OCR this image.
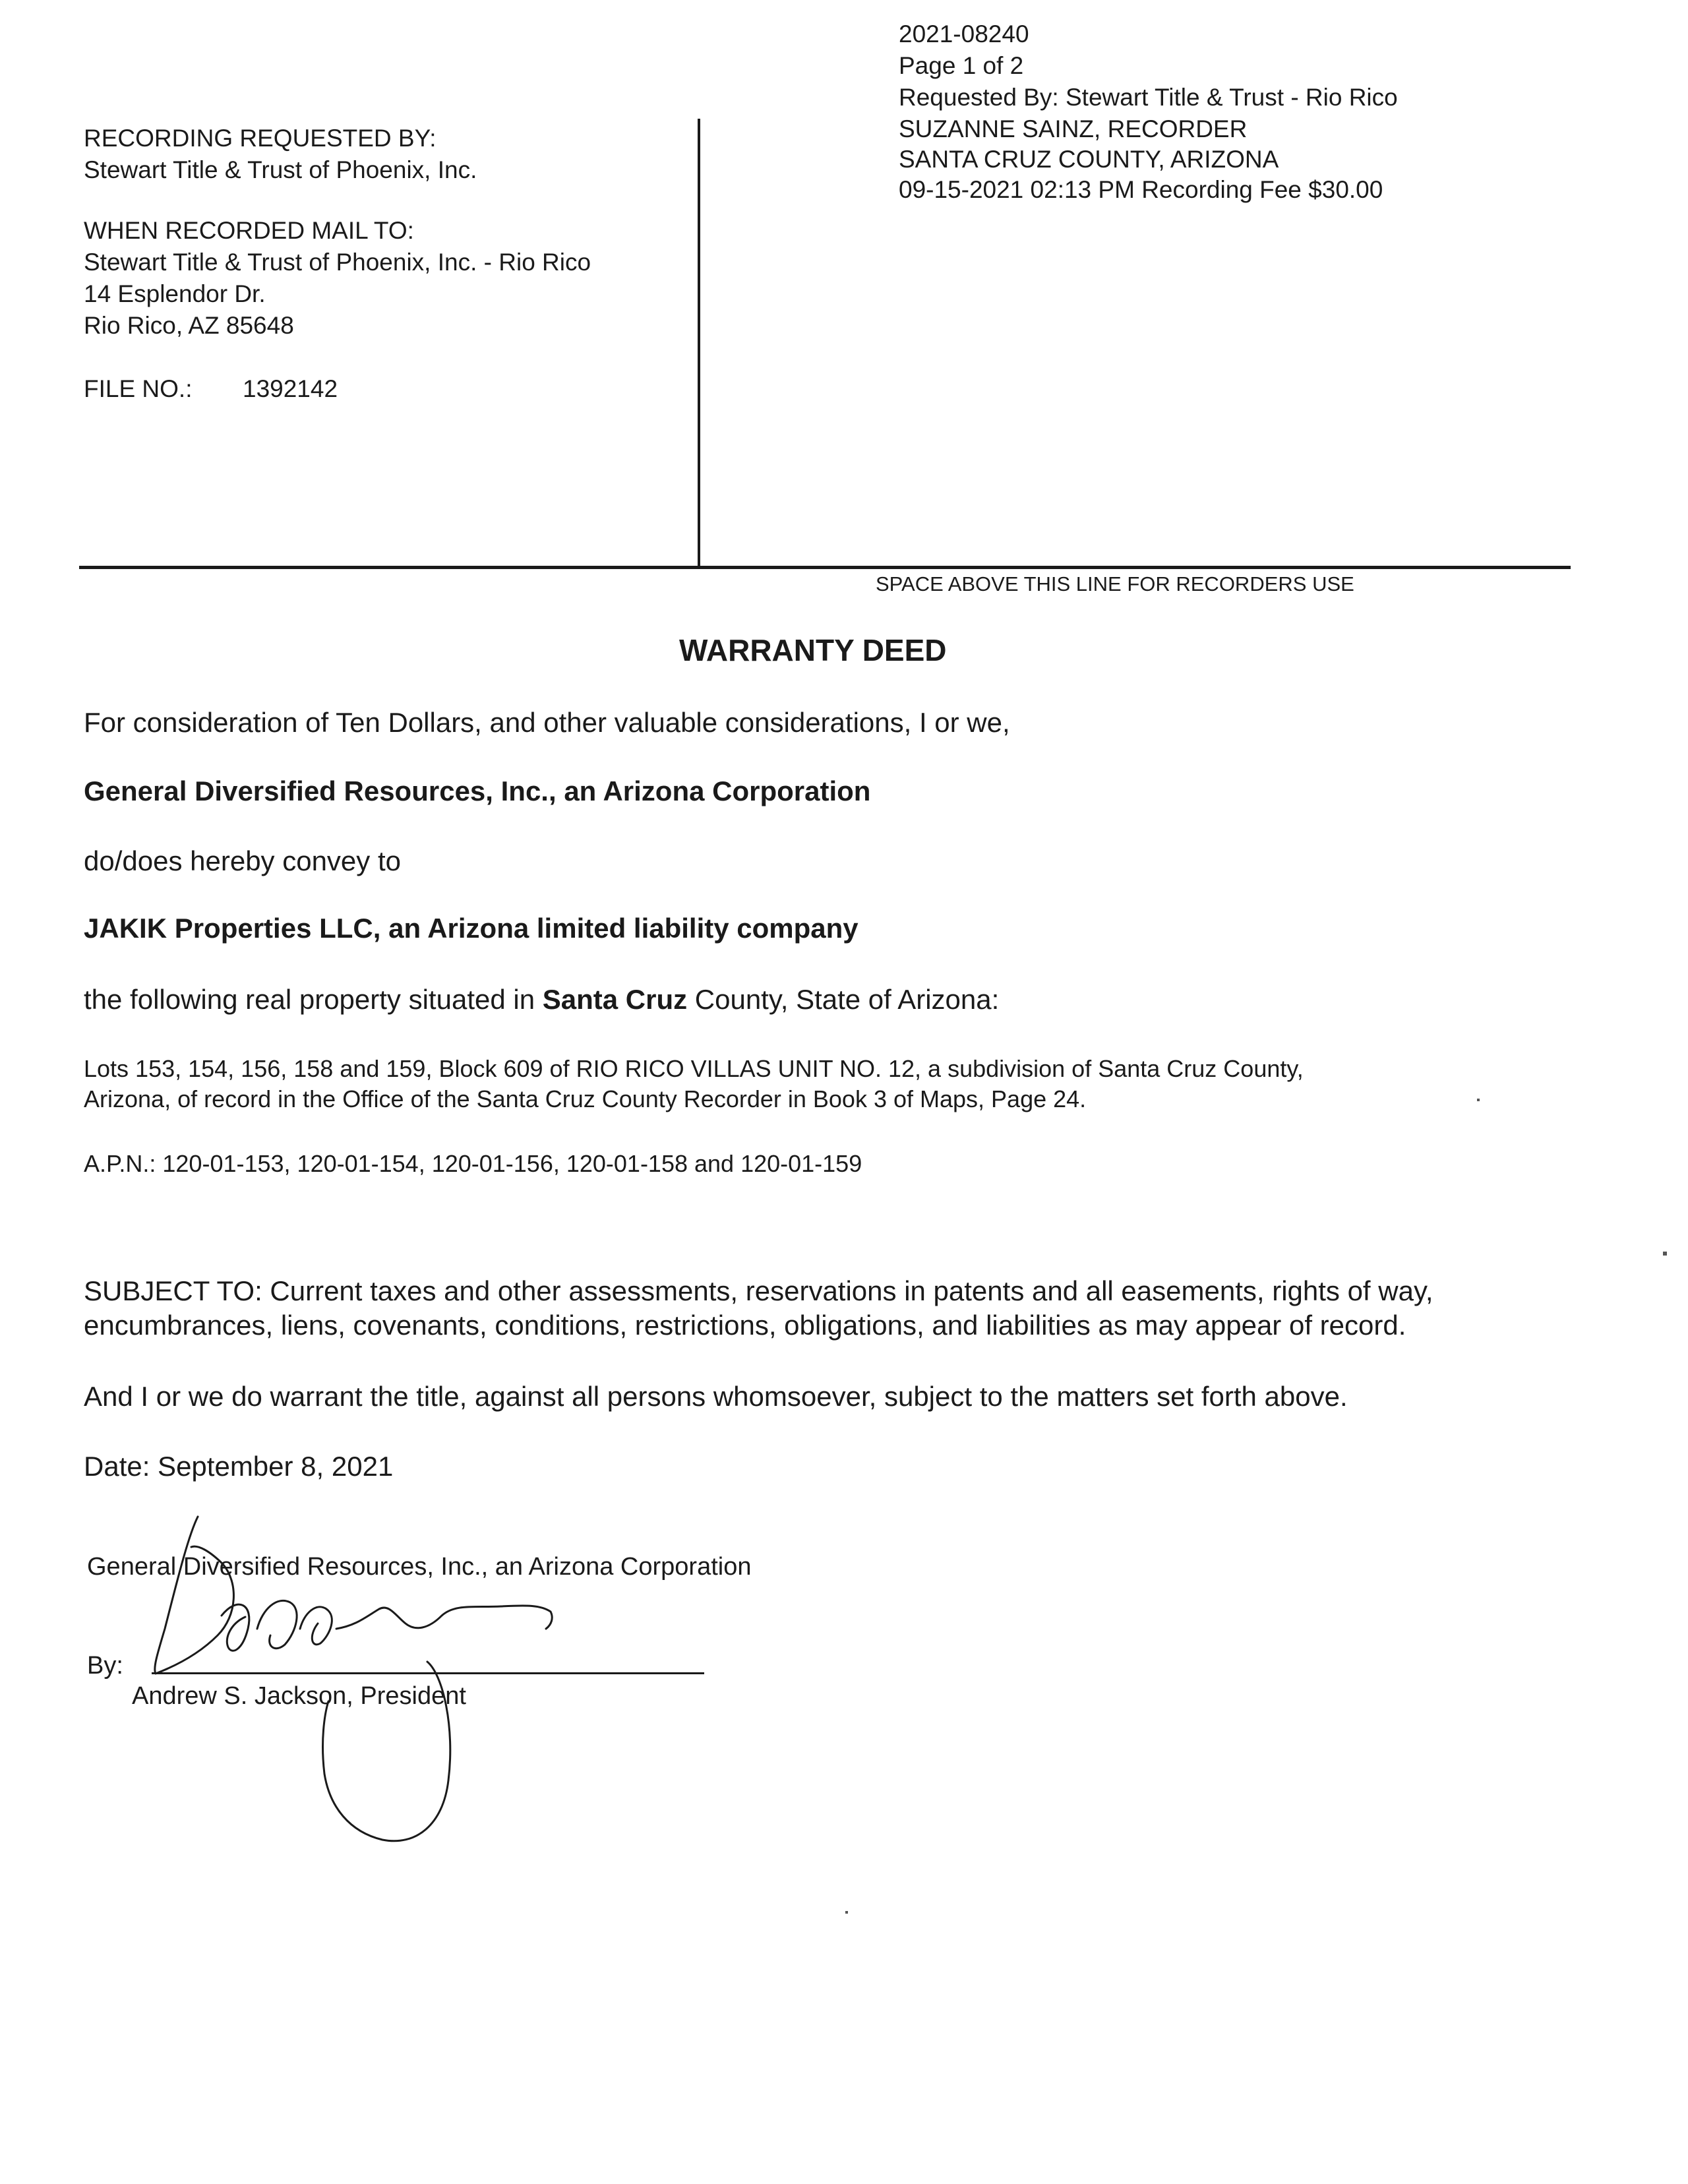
2021-08240
Page 1 of 2
Requested By: Stewart Title & Trust - Rio Rico
SUZANNE SAINZ, RECORDER
SANTA CRUZ COUNTY, ARIZONA
09-15-2021 02:13 PM Recording Fee $30.00
RECORDING REQUESTED BY:
Stewart Title & Trust of Phoenix, Inc.
WHEN RECORDED MAIL TO:
Stewart Title & Trust of Phoenix, Inc. - Rio Rico
14 Esplendor Dr.
Rio Rico, AZ 85648
FILE NO.: 1392142
SPACE ABOVE THIS LINE FOR RECORDERS USE
WARRANTY DEED
For consideration of Ten Dollars, and other valuable considerations, I or we,
General Diversified Resources, Inc., an Arizona Corporation
do/does hereby convey to
JAKIK Properties LLC, an Arizona limited liability company
the following real property situated in Santa Cruz County, State of Arizona:
Lots 153, 154, 156, 158 and 159, Block 609 of RIO RICO VILLAS UNIT NO. 12, a subdivision of Santa Cruz County,
Arizona, of record in the Office of the Santa Cruz County Recorder in Book 3 of Maps, Page 24.
A.P.N.: 120-01-153, 120-01-154, 120-01-156, 120-01-158 and 120-01-159
SUBJECT TO: Current taxes and other assessments, reservations in patents and all easements, rights of way,
encumbrances, liens, covenants, conditions, restrictions, obligations, and liabilities as may appear of record.
And I or we do warrant the title, against all persons whomsoever, subject to the matters set forth above.
Date: September 8, 2021
General Diversified Resources, Inc., an Arizona Corporation
By:
Andrew S. Jackson, President
